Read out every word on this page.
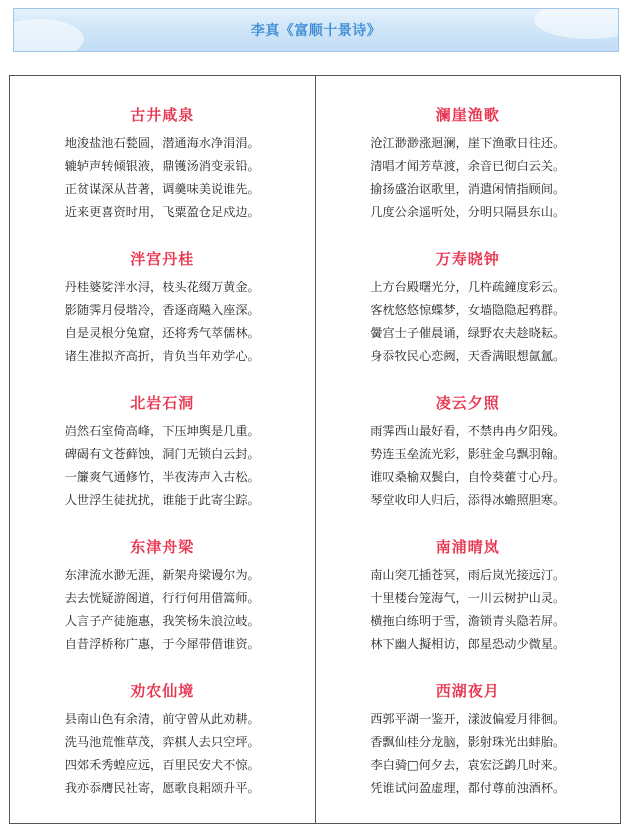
李真《富顺十景诗》
古井咸泉
地浚盐池石甃圆，潜通海水净涓涓。
辘轳声转倾银液，鼎镬汤消变汞铅。
正贫谋深从昔著，调羹味美说谁先。
近来更喜资时用，飞粟盈仓足戍边。
泮宫丹桂
丹桂婆娑泮水浔，枝头花缀万黄金。
影随霁月侵堦冷，香逐商飚入座深。
自是灵根分兔窟，还将秀气萃儒林。
诸生准拟齐高折，肯负当年劝学心。
北岩石洞
岿然石室倚高峰，下压坤舆是几重。
碑碣有文苍藓蚀，洞门无锁白云封。
一簾爽气通修竹，半夜涛声入古松。
人世浮生徒扰扰，谁能于此寄尘踪。
东津舟梁
东津流水渺无涯，新架舟梁谩尔为。
去去恍疑游阁道，行行何用借篙师。
人言子产徒施惠，我笑杨朱浪泣岐。
自昔浮桥称广惠，于今犀带借谁资。
劝农仙境
县南山色有余清，前守曾从此劝耕。
洗马池荒惟草茂，弈棋人去只空坪。
四郊禾秀蝗应远，百里民安犬不惊。
我亦忝膺民社寄，愿歌良耜颂升平。
澜崖渔歌
沧江渺渺涨迴澜，崖下渔歌日往还。
清唱才闻芳草渡，余音已彻白云关。
揄扬盛治讴歌里，消遣闲情指顾间。
几度公余遥听处，分明只隔县东山。
万寿晓钟
上方台殿曙光分，几杵疏鐘度彩云。
客枕悠悠惊蝶梦，女墙隐隐起鸦群。
黌宫士子催晨诵，绿野农夫趁晓耘。
身忝牧民心恋阙，天香满眼想氤氲。
凌云夕照
雨霁西山最好看，不禁冉冉夕阳残。
势连玉垒流光彩，影驻金乌飘羽翰。
谁叹桑榆双鬓白，自怜葵藿寸心丹。
琴堂收印人归后，添得冰蟾照胆寒。
南浦晴岚
南山突兀插苍冥，雨后岚光接远汀。
十里楼台笼海气，一川云树护山灵。
横拖白练明于雪，澹锁青头隐若屏。
林下幽人擬相访，郎星恐动少微星。
西湖夜月
西郭平湖一鉴开，漾波偏爱月徘徊。
香飘仙桂分龙脑，影射珠光出蚌胎。
李白骑□何夕去，袁宏泛鹢几时来。
凭谁试问盈虚理，都付尊前浊酒杯。
